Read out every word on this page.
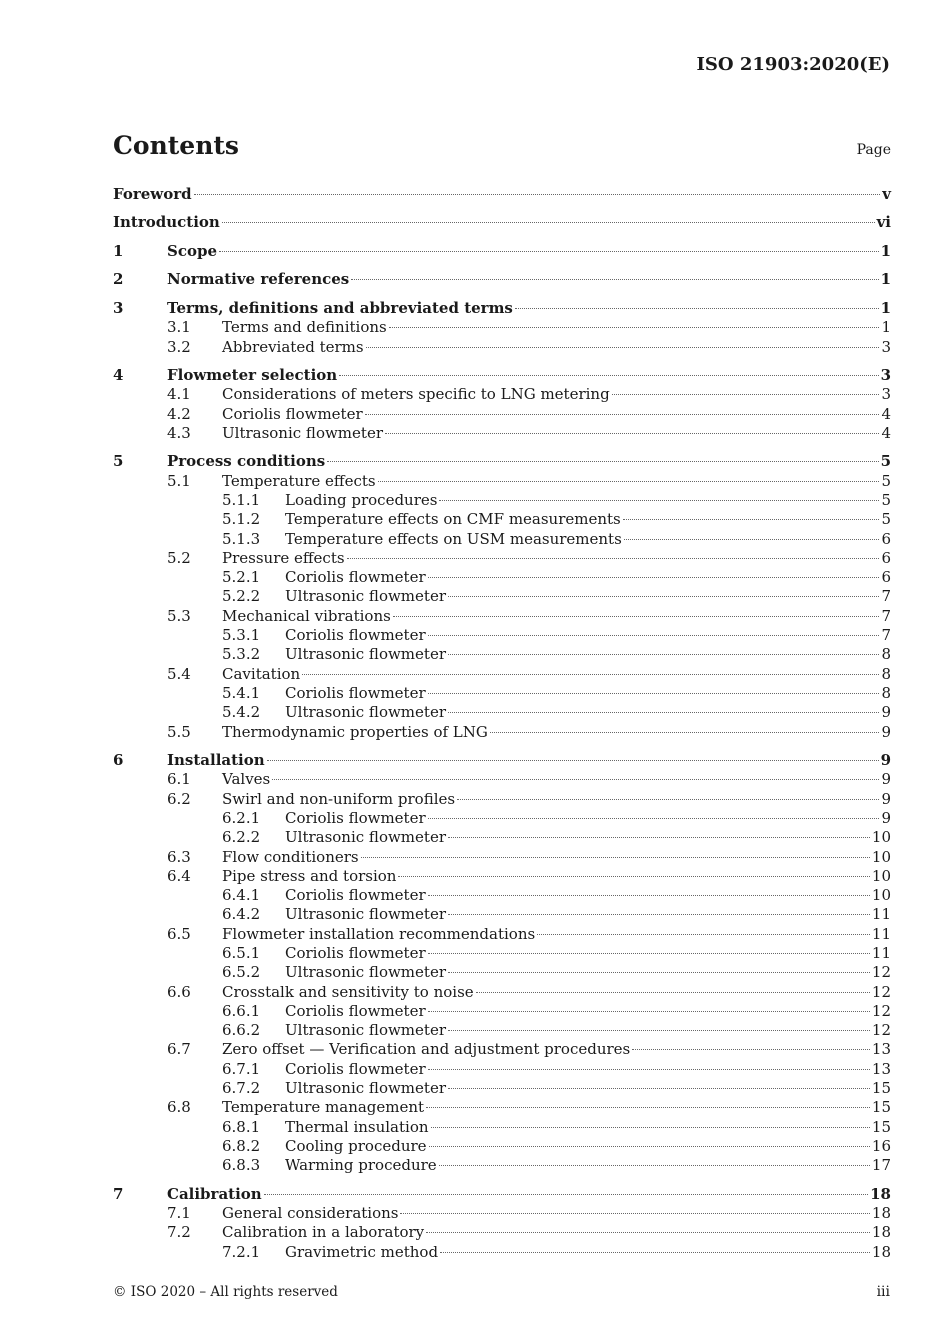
ISO 21903:2020(E)
Contents	Page
Foreword	v
Introduction	vi
1	Scope	1
2	Normative references	1
3	Terms, definitions and abbreviated terms	1
3.1 Terms and definitions	1
3.2 Abbreviated terms	3
4	Flowmeter selection	3
4.1 Considerations of meters specific to LNG metering	3
4.2 Coriolis flowmeter	4
4.3 Ultrasonic flowmeter	4
5	Process conditions	5
5.1 Temperature effects	5
5.1.1 Loading procedures	5
5.1.2 Temperature effects on CMF measurements	5
5.1.3 Temperature effects on USM measurements	6
5.2 Pressure effects	6
5.2.1 Coriolis flowmeter	6
5.2.2 Ultrasonic flowmeter	7
5.3 Mechanical vibrations	7
5.3.1 Coriolis flowmeter	7
5.3.2 Ultrasonic flowmeter	8
5.4 Cavitation	8
5.4.1 Coriolis flowmeter	8
5.4.2 Ultrasonic flowmeter	9
5.5 Thermodynamic properties of LNG	9
6	Installation	9
6.1 Valves	9
6.2 Swirl and non-uniform profiles	9
6.2.1 Coriolis flowmeter	9
6.2.2 Ultrasonic flowmeter	10
6.3 Flow conditioners	10
6.4 Pipe stress and torsion	10
6.4.1 Coriolis flowmeter	10
6.4.2 Ultrasonic flowmeter	11
6.5 Flowmeter installation recommendations	11
6.5.1 Coriolis flowmeter	11
6.5.2 Ultrasonic flowmeter	12
6.6 Crosstalk and sensitivity to noise	12
6.6.1 Coriolis flowmeter	12
6.6.2 Ultrasonic flowmeter	12
6.7 Zero offset — Verification and adjustment procedures	13
6.7.1 Coriolis flowmeter	13
6.7.2 Ultrasonic flowmeter	15
6.8 Temperature management	15
6.8.1 Thermal insulation	15
6.8.2 Cooling procedure	16
6.8.3 Warming procedure	17
7	Calibration	18
7.1 General considerations	18
7.2 Calibration in a laboratory	18
7.2.1 Gravimetric method	18
© ISO 2020 – All rights reserved	iii
